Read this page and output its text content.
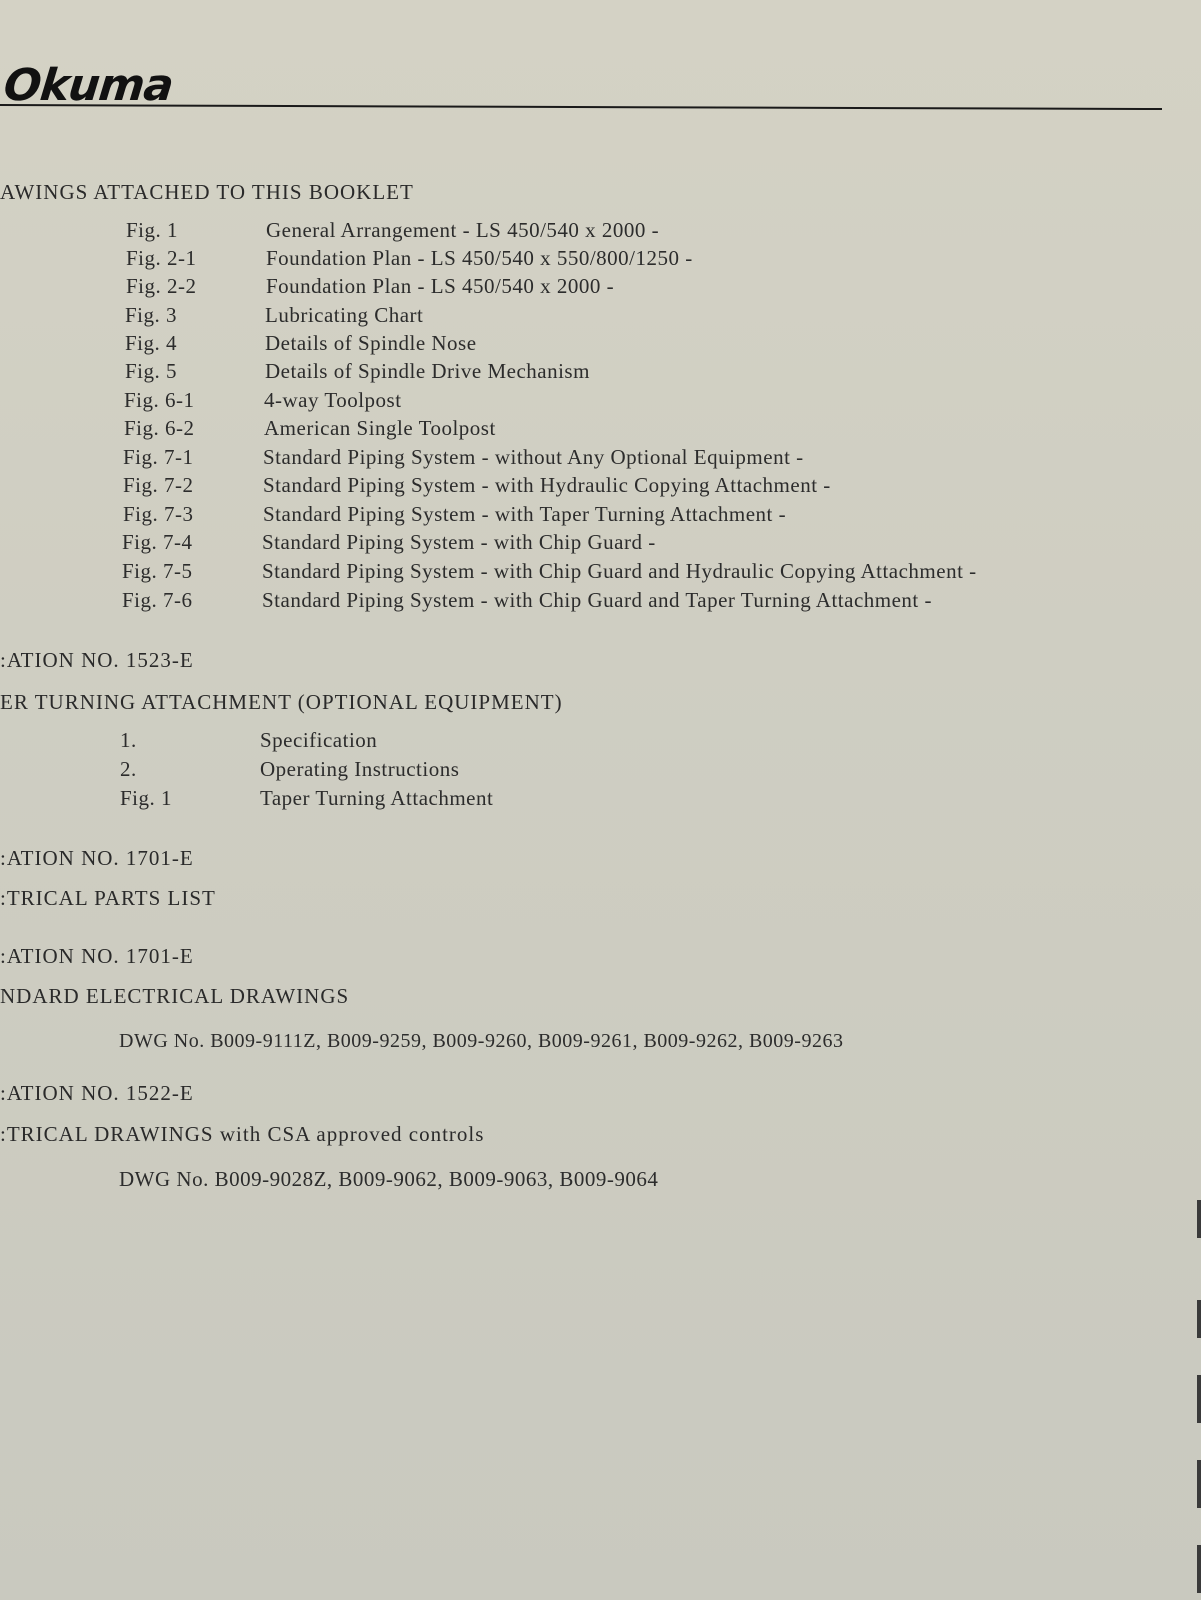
Okuma
AWINGS ATTACHED TO THIS BOOKLET
Fig. 1	General Arrangement - LS 450/540 x 2000 -
Fig. 2-1	Foundation Plan - LS 450/540 x 550/800/1250 -
Fig. 2-2	Foundation Plan - LS 450/540 x 2000 -
Fig. 3	Lubricating Chart
Fig. 4	Details of Spindle Nose
Fig. 5	Details of Spindle Drive Mechanism
Fig. 6-1	4-way Toolpost
Fig. 6-2	American Single Toolpost
Fig. 7-1	Standard Piping System - without Any Optional Equipment -
Fig. 7-2	Standard Piping System - with Hydraulic Copying Attachment -
Fig. 7-3	Standard Piping System - with Taper Turning Attachment -
Fig. 7-4	Standard Piping System - with Chip Guard -
Fig. 7-5	Standard Piping System - with Chip Guard and Hydraulic Copying Attachment -
Fig. 7-6	Standard Piping System - with Chip Guard and Taper Turning Attachment -
:ATION NO. 1523-E
ER TURNING ATTACHMENT (OPTIONAL EQUIPMENT)
1.	Specification
2.	Operating Instructions
Fig. 1	Taper Turning Attachment
:ATION NO. 1701-E
:TRICAL PARTS LIST
:ATION NO. 1701-E
NDARD ELECTRICAL DRAWINGS
DWG No. B009-9111Z, B009-9259, B009-9260, B009-9261, B009-9262, B009-9263
:ATION NO. 1522-E
:TRICAL DRAWINGS with CSA approved controls
DWG No. B009-9028Z, B009-9062, B009-9063, B009-9064
